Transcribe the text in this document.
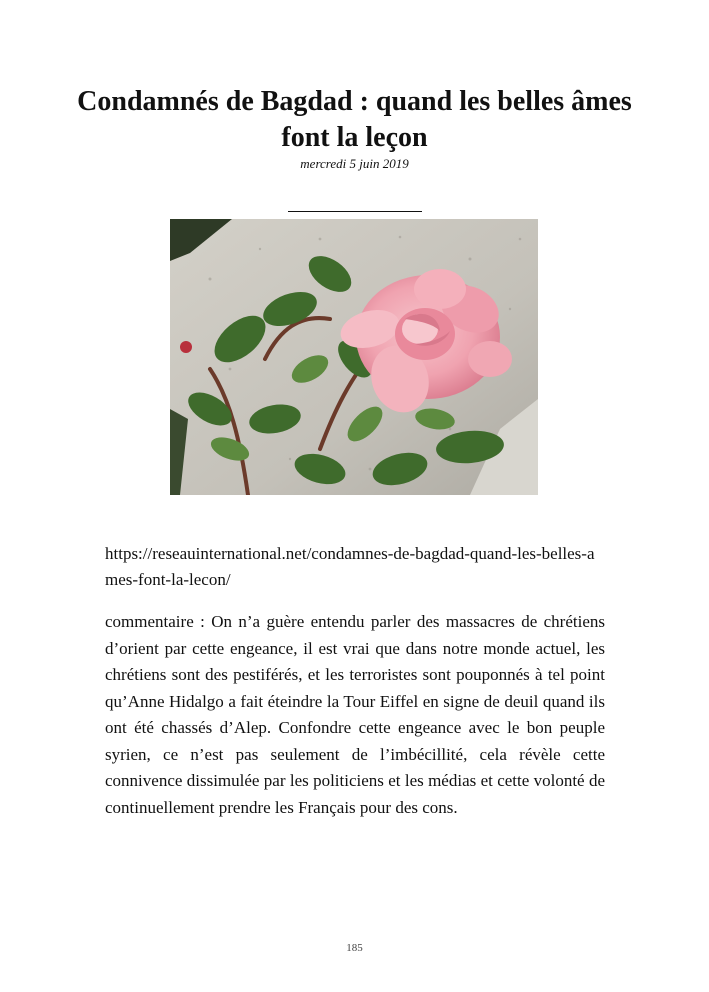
Condamnés de Bagdad : quand les belles âmes font la leçon
mercredi 5 juin 2019

https://reseauinternational.net/condamnes-de-bagdad-quand-les-belles-ames-font-la-lecon/

commentaire : On n’a guère entendu parler des massacres de chrétiens d’orient par cette engeance, il est vrai que dans notre monde actuel, les chrétiens sont des pestiférés, et les terroristes sont pouponnés à tel point qu’Anne Hidalgo a fait éteindre la Tour Eiffel en signe de deuil quand ils ont été chassés d’Alep. Confondre cette engeance avec le bon peuple syrien, ce n’est pas seulement de l’imbécillité, cela révèle cette connivence dissimulée par les politiciens et les médias et cette volonté de continuellement prendre les Français pour des cons.

185
